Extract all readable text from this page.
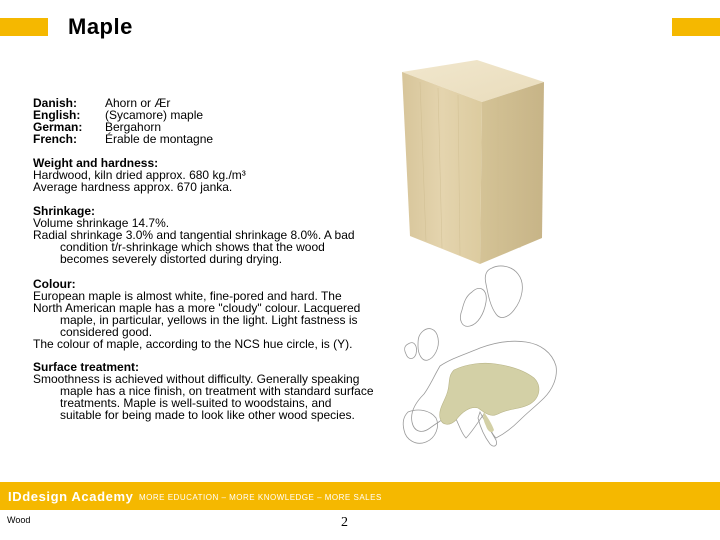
Maple
Danish:	Ahorn or Ær
English:	(Sycamore) maple
German:	Bergahorn
French:	Érable de montagne
Weight and hardness:
Hardwood, kiln dried approx. 680 kg./m³
Average hardness approx. 670 janka.
Shrinkage:
Volume shrinkage 14.7%.
Radial shrinkage 3.0% and tangential shrinkage 8.0%. A bad
condition t/r-shrinkage which shows that the wood
becomes severely distorted during drying.
Colour:
European maple is almost white, fine-pored and hard. The
North American maple has a more "cloudy" colour. Lacquered
maple, in particular, yellows in the light. Light fastness is
considered good.
The colour of maple, according to the NCS hue circle, is (Y).
Surface treatment:
Smoothness is achieved without difficulty. Generally speaking
maple has a nice finish, on treatment with standard surface
treatments. Maple is well-suited to woodstains, and
suitable for being made to look like other wood species.
IDdesign Academy MORE EDUCATION – MORE KNOWLEDGE – MORE SALES
Wood	2
